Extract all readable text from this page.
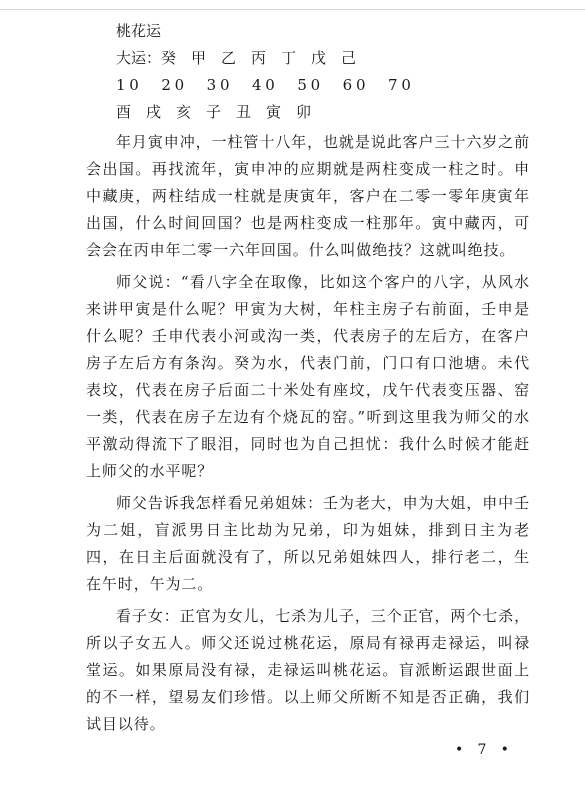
桃花运
大运：癸　甲　乙　丙　丁　戊　己
10　20　30　40　50　60　70
酉　戌　亥　子　丑　寅　卯

年月寅申冲，一柱管十八年，也就是说此客户三十六岁之前会出国。再找流年，寅申冲的应期就是两柱变成一柱之时。申中藏庚，两柱结成一柱就是庚寅年，客户在二零一零年庚寅年出国，什么时间回国？也是两柱变成一柱那年。寅中藏丙，可会会在丙申年二零一六年回国。什么叫做绝技？这就叫绝技。

师父说：“看八字全在取像，比如这个客户的八字，从风水来讲甲寅是什么呢？甲寅为大树，年柱主房子右前面，壬申是什么呢？壬申代表小河或沟一类，代表房子的左后方，在客户房子左后方有条沟。癸为水，代表门前，门口有口池塘。未代表坟，代表在房子后面二十米处有座坟，戊午代表变压器、窑一类，代表在房子左边有个烧瓦的窑。”听到这里我为师父的水平激动得流下了眼泪，同时也为自己担忧：我什么时候才能赶上师父的水平呢？

师父告诉我怎样看兄弟姐妹：壬为老大，申为大姐，申中壬为二姐，盲派男日主比劫为兄弟，印为姐妹，排到日主为老四，在日主后面就没有了，所以兄弟姐妹四人，排行老二，生在午时，午为二。

看子女：正官为女儿，七杀为儿子，三个正官，两个七杀，所以子女五人。师父还说过桃花运，原局有禄再走禄运，叫禄堂运。如果原局没有禄，走禄运叫桃花运。盲派断运跟世面上的不一样，望易友们珍惜。以上师父所断不知是否正确，我们试目以待。

• 7 •
